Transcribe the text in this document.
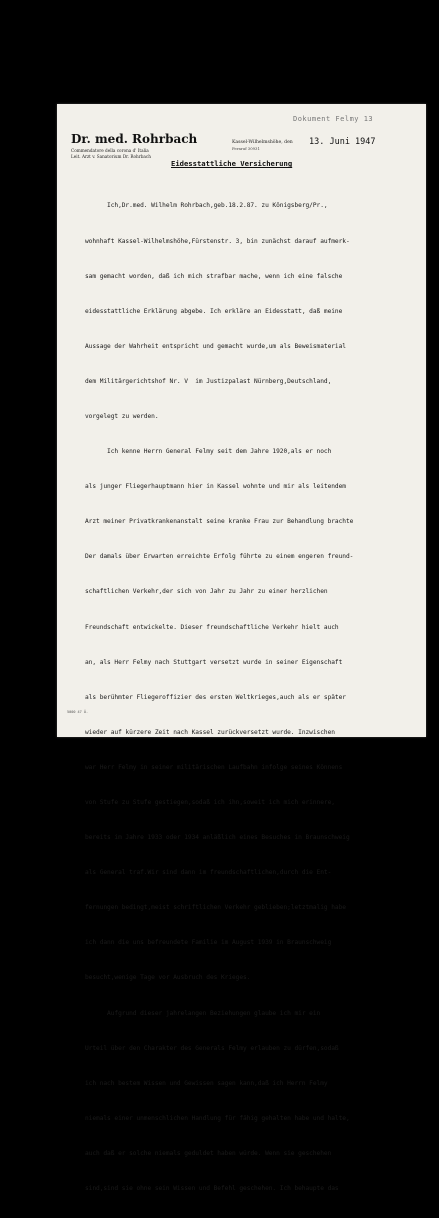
Dokument Felmy 13
Dr. med. Rohrbach
Commendatore della corona d' Italia
Leit. Arzt v. Sanatorium Dr. Rohrbach
Kassel-Wilhelmshöhe, den
Fernruf 30931
13. Juni 1947
Eidesstattliche Versicherung

Ich,Dr.med. Wilhelm Rohrbach,geb.18.2.87. zu Königsberg/Pr.,

wohnhaft Kassel-Wilhelmshöhe,Fürstenstr. 3, bin zunächst darauf aufmerk-

sam gemacht worden, daß ich mich strafbar mache, wenn ich eine falsche

eidesstattliche Erklärung abgebe. Ich erkläre an Eidesstatt, daß meine

Aussage der Wahrheit entspricht und gemacht wurde,um als Beweismaterial

dem Militärgerichtshof Nr. V  im Justizpalast Nürnberg,Deutschland,

vorgelegt zu werden.

Ich kenne Herrn General Felmy seit dem Jahre 1920,als er noch

als junger Fliegerhauptmann hier in Kassel wohnte und mir als leitendem

Arzt meiner Privatkrankenanstalt seine kranke Frau zur Behandlung brachte

Der damals über Erwarten erreichte Erfolg führte zu einem engeren freund-

schaftlichen Verkehr,der sich von Jahr zu Jahr zu einer herzlichen

Freundschaft entwickelte. Dieser freundschaftliche Verkehr hielt auch

an, als Herr Felmy nach Stuttgart versetzt wurde in seiner Eigenschaft

als berühmter Fliegeroffizier des ersten Weltkrieges,auch als er später

wieder auf kürzere Zeit nach Kassel zurückversetzt wurde. Inzwischen

war Herr Felmy in seiner militärischen Laufbahn infolge seines Könnens

von Stufe zu Stufe gestiegen,sodaß ich ihn,soweit ich mich erinnere,

bereits im Jahre 1933 oder 1934 anläßlich eines Besuches in Braunschweig

als General traf.Wir sind dann im freundschaftlichen,durch die Ent-

fernungen bedingt,meist schriftlichen Verkehr geblieben;letztmalig habe

ich dann die uns befreundete Familie im August 1939 in Braunschweig

besucht,wenige Tage vor Ausbruch des Krieges.

Aufgrund dieser jahrelangen Beziehungen glaube ich mir ein

Urteil über den Charakter des Generals Felmy erlauben zu dürfen,sodaß

ich nach bestem Wissen und Gewissen sagen kann,daß ich Herrn Felmy

niemals einer unmenschlichen Handlung für fähig gehalten habe und halte,

auch daß er solche niemals geduldet haben würde. Wenn sie geschehen

sind,sind sie ohne sein Wissen und Befehl geschehen. Ich behaupte das

5000 47 Ö.
